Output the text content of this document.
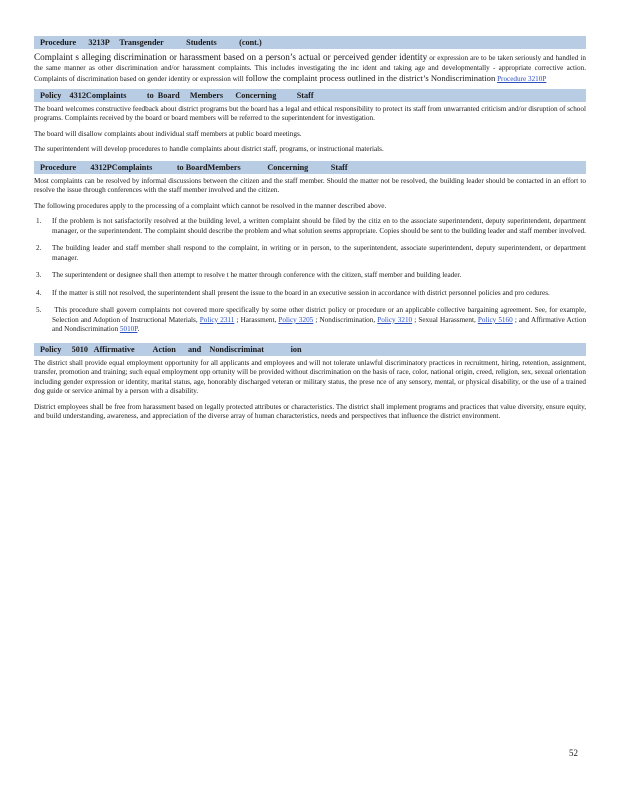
Procedure      3213P     Transgender           Students           (cont.)

Complaint s alleging discrimination or harassment based on a person’s actual or perceived gender identity or expression are to be taken seriously and handled in the same manner as other discrimination and/or harassment complaints. This includes investigating the inc ident and taking age and developmentally - appropriate corrective action. Complaints of discrimination based on gender identity or expression will follow the complaint process outlined in the district’s Nondiscrimination Procedure 3210P

Policy    4312Complaints          to  Board     Members      Concerning          Staff

The board welcomes constructive feedback about district programs but the board has a legal and ethical responsibility to protect its staff from unwarranted criticism and/or disruption of school programs. Complaints received by the board or board members will be referred to the superintendent for investigation.

The board will disallow complaints about individual staff members at public board meetings.

The superintendent will develop procedures to handle complaints about district staff, programs, or instructional materials.

Procedure       4312PComplaints            to BoardMembers             Concerning           Staff

Most complaints can be resolved by informal discussions between the citizen and the staff member. Should the matter not be resolved, the building leader should be contacted in an effort to resolve the issue through conferences with the staff member involved and the citizen.

The following procedures apply to the processing of a complaint which cannot be resolved in the manner described above.

1. If the problem is not satisfactorily resolved at the building level, a written complaint should be filed by the citiz en to the associate superintendent, deputy superintendent, department manager, or the superintendent. The complaint should describe the problem and what solution seems appropriate. Copies should be sent to the building leader and staff member involved.
2. The building leader and staff member shall respond to the complaint, in writing or in person, to the superintendent, associate superintendent, deputy superintendent, or department manager.
3. The superintendent or designee shall then attempt to resolve t he matter through conference with the citizen, staff member and building leader.
4. If the matter is still not resolved, the superintendent shall present the issue to the board in an executive session in accordance with district personnel policies and pro cedures.
5. This procedure shall govern complaints not covered more specifically by some other district policy or procedure or an applicable collective bargaining agreement. See, for example, Selection and Adoption of Instructional Materials, Policy 2311 ; Harassment, Policy 3205 ; Nondiscrimination, Policy 3210 ; Sexual Harassment, Policy 5160 ; and Affirmative Action and Nondiscrimination 5010P.
Policy     5010   Affirmative         Action      and    Nondiscriminat             ion

The district shall provide equal employment opportunity for all applicants and employees and will not tolerate unlawful discriminatory practices in recruitment, hiring, retention, assignment, transfer, promotion and training; such equal employment opp ortunity will be provided without discrimination on the basis of race, color, national origin, creed, religion, sex, sexual orientation including gender expression or identity, marital status, age, honorably discharged veteran or military status, the prese nce of any sensory, mental, or physical disability, or the use of a trained dog guide or service animal by a person with a disability.

District employees shall be free from harassment based on legally protected attributes or characteristics. The district shall implement programs and practices that value diversity, ensure equity, and build understanding, awareness, and appreciation of the diverse array of human characteristics, needs and perspectives that influence the district environment.

52
